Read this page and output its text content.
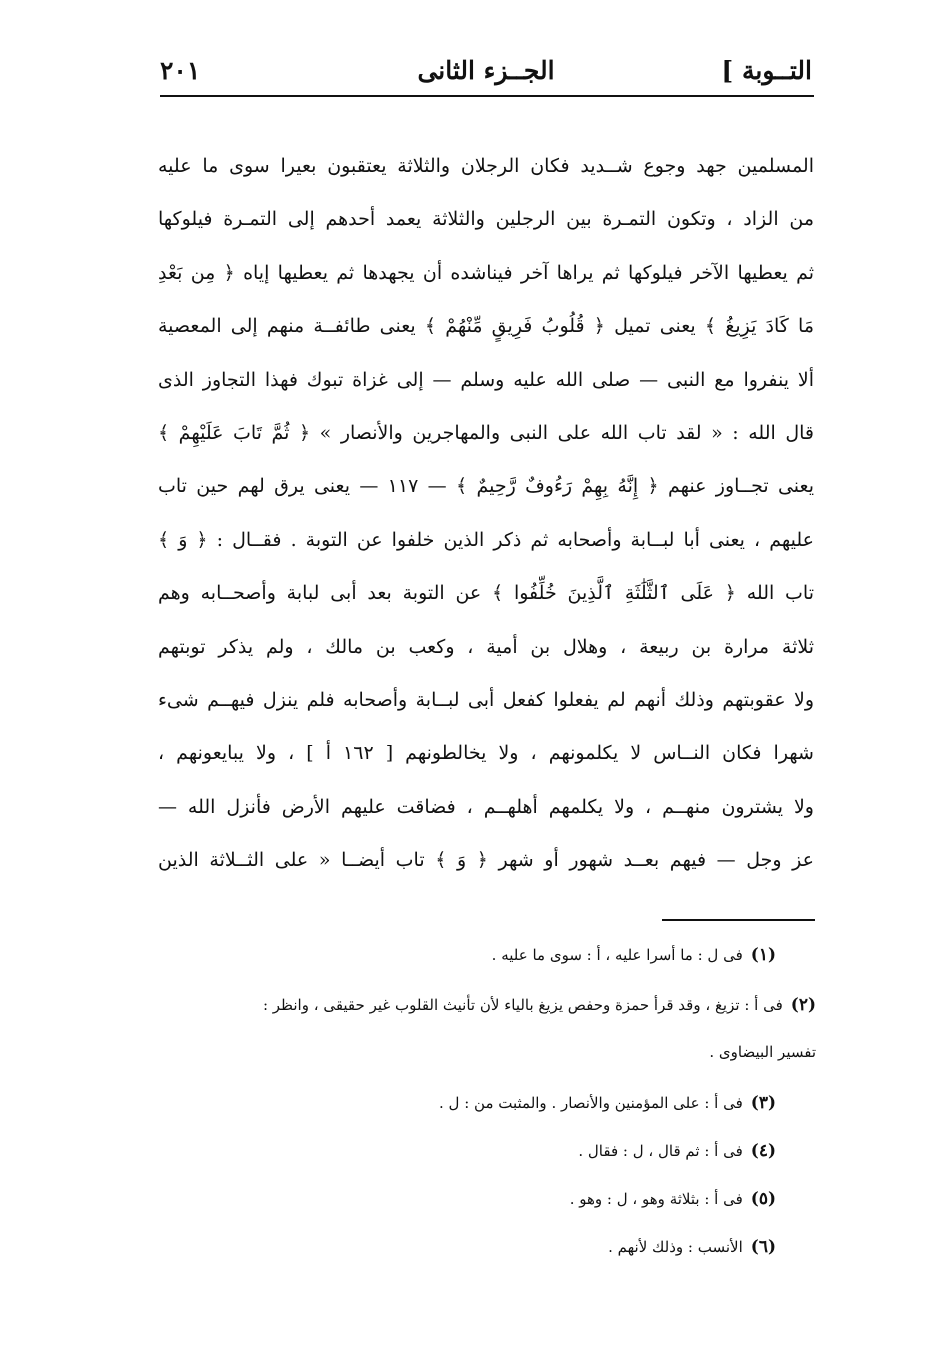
التــوبة ]
الجــزء الثانى
٢٠١
المسلمين جهد وجوع شــديد فكان الرجلان والثلاثة يعتقبون بعيرا سوى ما عليه
من الزاد ، وتكون التمـرة بين الرجلين والثلاثة يعمد أحدهم إلى التمـرة فيلوكها
ثم يعطيها الآخر فيلوكها ثم يراها آخر فيناشده أن يجهدها ثم يعطيها إياه ﴿ مِن بَعْدِ
مَا كَادَ يَزِيغُ ﴾ يعنى تميل ﴿ قُلُوبُ فَرِيقٍ مِّنْهُمْ ﴾ يعنى طائفــة منهم إلى المعصية
ألا ينفروا مع النبى — صلى الله عليه وسلم — إلى غزاة تبوك فهذا التجاوز الذى
قال الله : « لقد تاب الله على النبى والمهاجرين والأنصار » ﴿ ثُمَّ تَابَ عَلَيْهِمْ ﴾
يعنى تجــاوز عنهم ﴿ إِنَّهُ بِهِمْ رَءُوفٌ رَّحِيمٌ ﴾ — ١١٧ — يعنى يرق لهم حين تاب
عليهم ، يعنى أبا لبــابة وأصحابه ثم ذكر الذين خلفوا عن التوبة . فقــال : ﴿ وَ ﴾
تاب الله ﴿ عَلَى ٱلثَّلَٰثَةِ ٱلَّذِينَ خُلِّفُوا ﴾ عن التوبة بعد أبى لبابة وأصحــابه وهم
ثلاثة مرارة بن ربيعة ، وهلال بن أمية ، وكعب بن مالك ، ولم يذكر توبتهم
ولا عقوبتهم وذلك أنهم لم يفعلوا كفعل أبى لبــابة وأصحابه فلم ينزل فيهــم شىء
شهرا فكان النــاس لا يكلمونهم ، ولا يخالطونهم [ ١٦٢ أ ] ، ولا يبايعونهم ،
ولا يشترون منهــم ، ولا يكلمهم أهلهــم ، فضاقت عليهم الأرض فأنزل الله —
عز وجل — فيهم بعــد شهور أو شهر ﴿ وَ ﴾ تاب أيضــا « على الثــلاثة الذين
(١)فى ل : ما أسرا عليه ، أ : سوى ما عليه .
(٢)فى أ : تزيغ ، وقد قرأ حمزة وحفص يزيغ بالياء لأن تأنيث القلوب غير حقيقى ، وانظر :
تفسير البيضاوى .
(٣)فى أ : على المؤمنين والأنصار . والمثبت من : ل .
(٤)فى أ : ثم قال ، ل : فقال .
(٥)فى أ : بثلاثة وهو ، ل : وهو .
(٦)الأنسب : وذلك لأنهم .
